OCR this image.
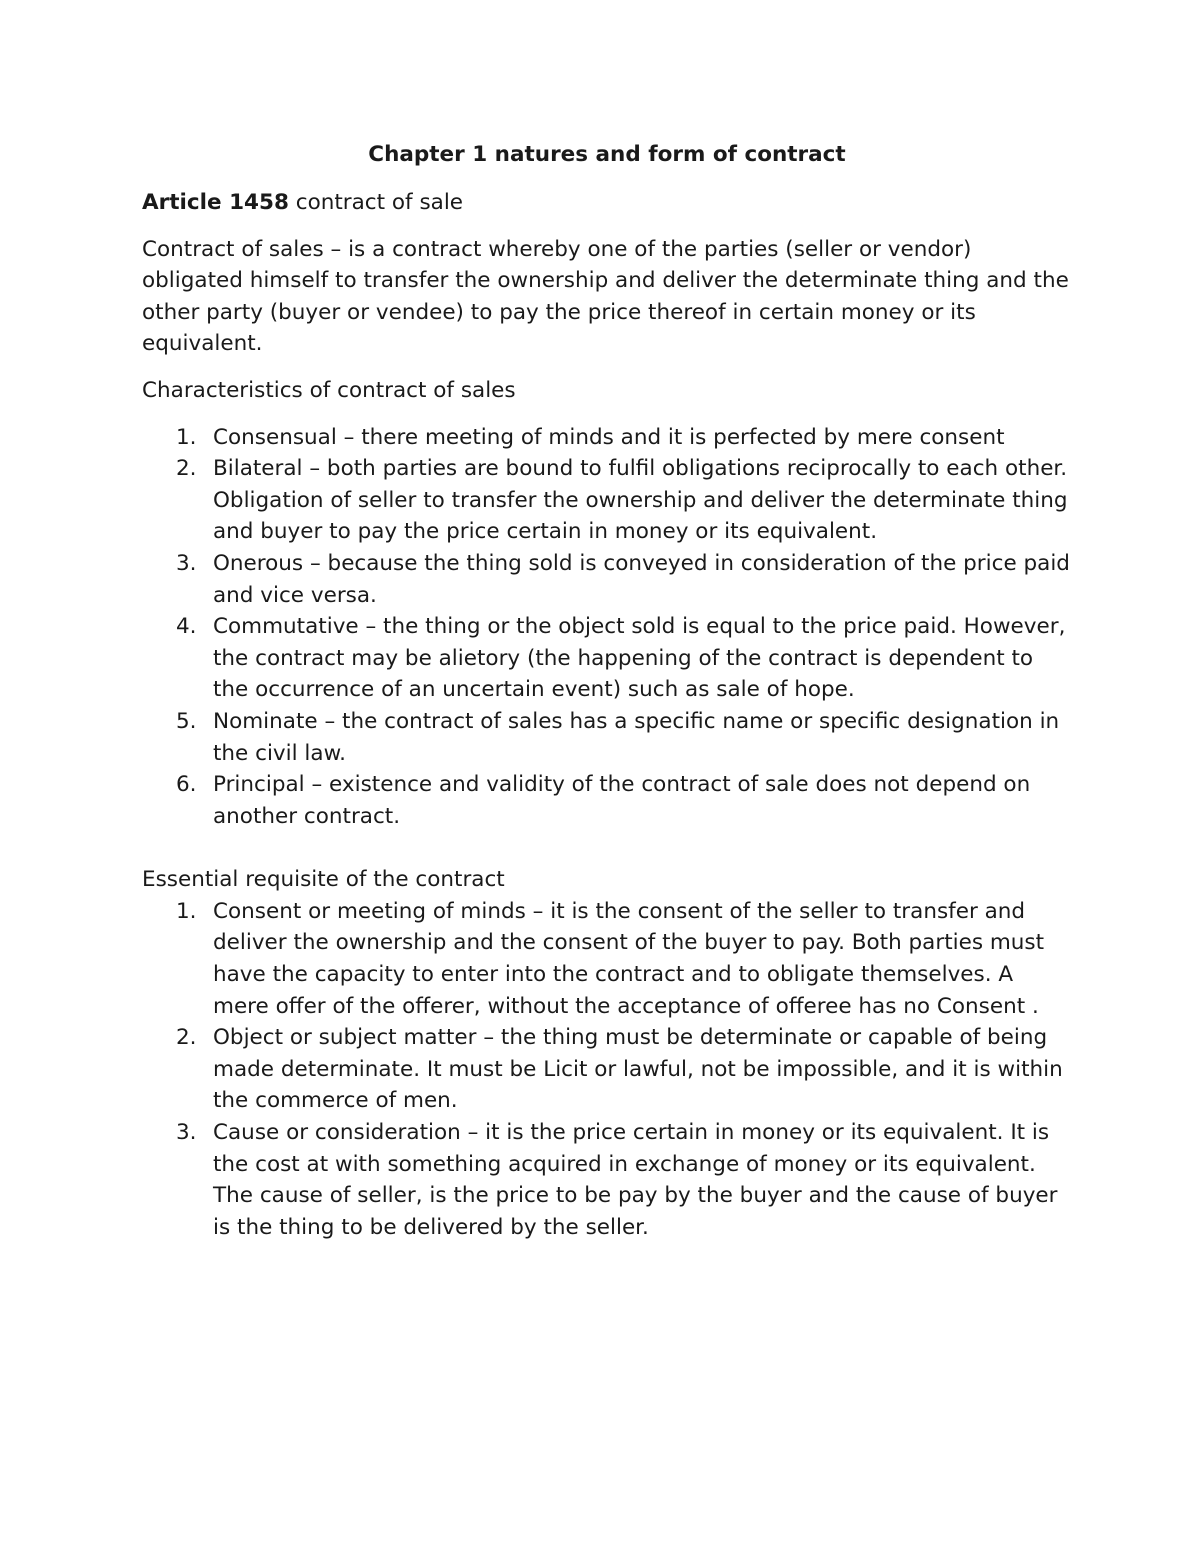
Chapter 1 natures and form of contract
Article 1458 contract of sale
Contract of sales – is a contract whereby one of the parties (seller or vendor) obligated himself to transfer the ownership and deliver the determinate thing and the other party (buyer or vendee) to pay the price thereof in certain money or its equivalent.
Characteristics of contract of sales
1. Consensual – there meeting of minds and it is perfected by mere consent
2. Bilateral – both parties are bound to fulfil obligations reciprocally to each other. Obligation of seller to transfer the ownership and deliver the determinate thing and buyer to pay the price certain in money or its equivalent.
3. Onerous – because the thing sold is conveyed in consideration of the price paid and vice versa.
4. Commutative – the thing or the object sold is equal to the price paid. However, the contract may be alietory (the happening of the contract is dependent to the occurrence of an uncertain event) such as sale of hope.
5. Nominate – the contract of sales has a specific name or specific designation in the civil law.
6. Principal – existence and validity of the contract of sale does not depend on another contract.
Essential requisite of the contract
1. Consent or meeting of minds – it is the consent of the seller to transfer and deliver the ownership and the consent of the buyer to pay. Both parties must have the capacity to enter into the contract and to obligate themselves. A mere offer of the offerer, without the acceptance of offeree has no Consent .
2. Object or subject matter – the thing must be determinate or capable of being made determinate. It must be Licit or lawful, not be impossible, and it is within the commerce of men.
3. Cause or consideration – it is the price certain in money or its equivalent. It is the cost at with something acquired in exchange of money or its equivalent. The cause of seller, is the price to be pay by the buyer and the cause of buyer is the thing to be delivered by the seller.
